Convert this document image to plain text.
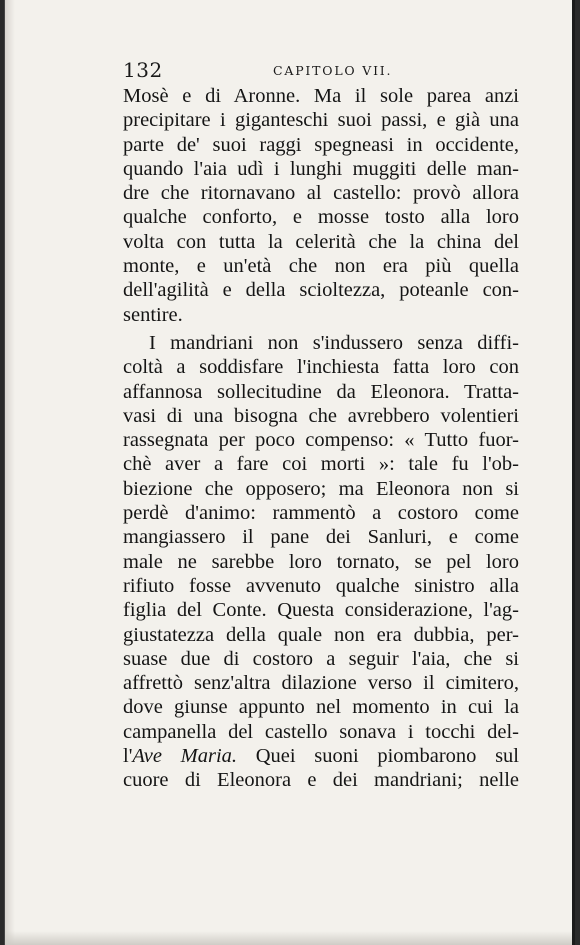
132	CAPITOLO VII.
Mosè e di Aronne. Ma il sole parea anzi
precipitare i giganteschi suoi passi, e già una
parte de' suoi raggi spegneasi in occidente,
quando l'aia udì i lunghi muggiti delle man-
dre che ritornavano al castello: provò allora
qualche conforto, e mosse tosto alla loro
volta con tutta la celerità che la china del
monte, e un'età che non era più quella
dell'agilità e della scioltezza, poteanle con-
sentire.
I mandriani non s'indussero senza diffi-
coltà a soddisfare l'inchiesta fatta loro con
affannosa sollecitudine da Eleonora. Tratta-
vasi di una bisogna che avrebbero volentieri
rassegnata per poco compenso: « Tutto fuor-
chè aver a fare coi morti »: tale fu l'ob-
biezione che opposero; ma Eleonora non si
perdè d'animo: rammentò a costoro come
mangiassero il pane dei Sanluri, e come
male ne sarebbe loro tornato, se pel loro
rifiuto fosse avvenuto qualche sinistro alla
figlia del Conte. Questa considerazione, l'ag-
giustatezza della quale non era dubbia, per-
suase due di costoro a seguir l'aia, che si
affrettò senz'altra dilazione verso il cimitero,
dove giunse appunto nel momento in cui la
campanella del castello sonava i tocchi del-
l'Ave Maria. Quei suoni piombarono sul
cuore di Eleonora e dei mandriani; nelle
